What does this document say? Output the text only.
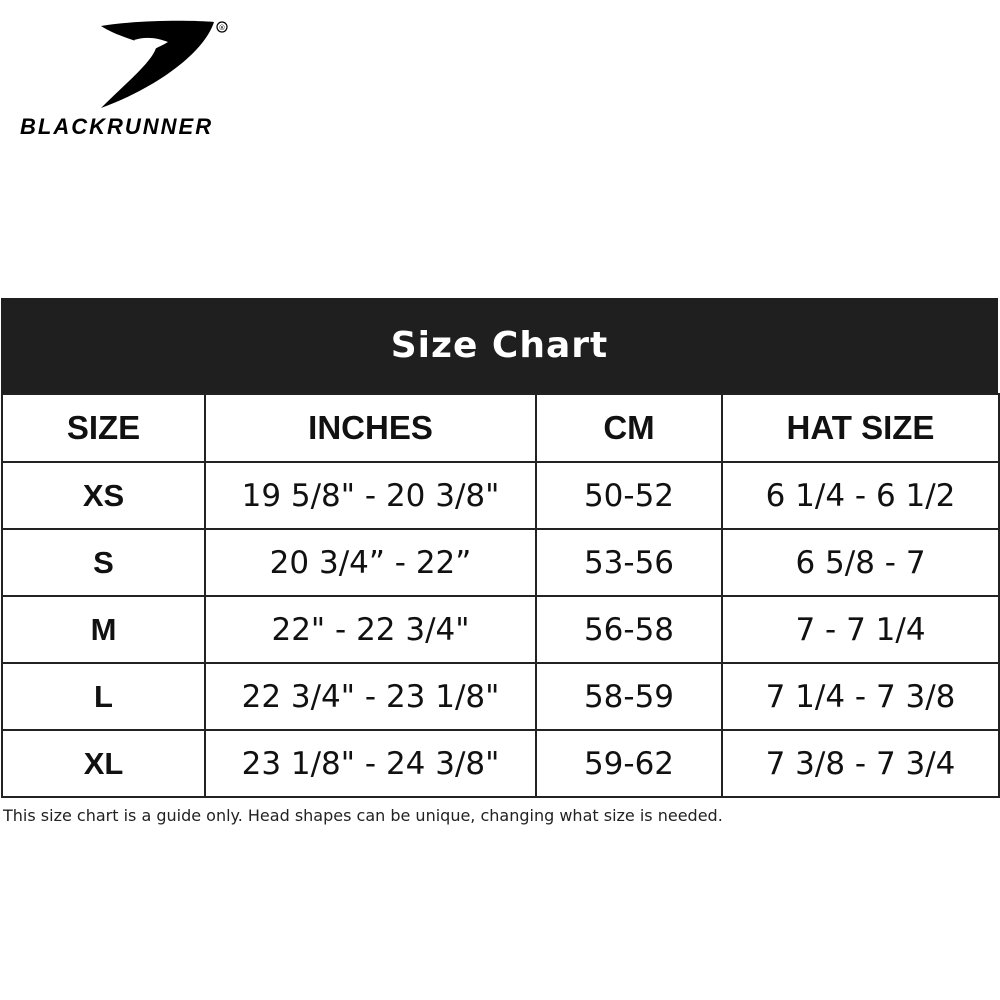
®
BLACKRUNNER
Size Chart
SIZE	INCHES	CM	HAT SIZE
XS	19 5/8" - 20 3/8"	50-52	6 1/4 - 6 1/2
S	20 3/4” - 22”	53-56	6 5/8 - 7
M	22" - 22 3/4"	56-58	7 - 7 1/4
L	22 3/4" - 23 1/8"	58-59	7 1/4 - 7 3/8
XL	23 1/8" - 24 3/8"	59-62	7 3/8 - 7 3/4
This size chart is a guide only. Head shapes can be unique, changing what size is needed.
